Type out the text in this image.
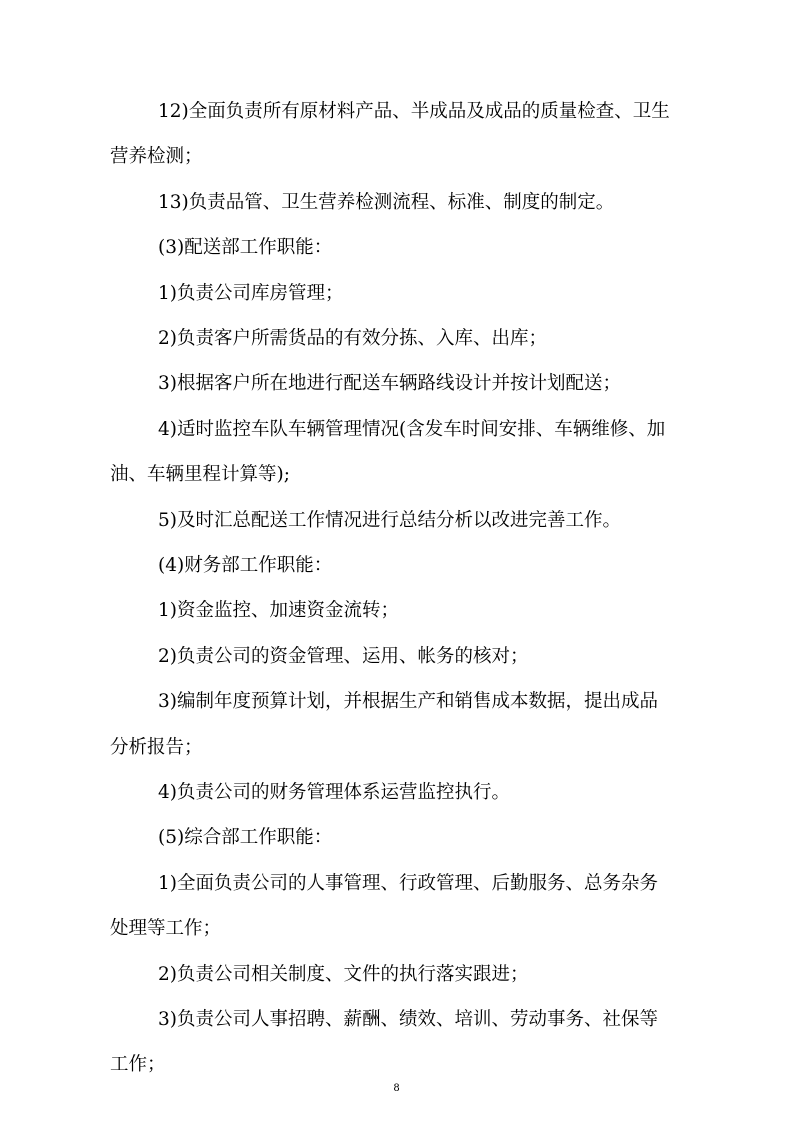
12)全面负责所有原材料产品、半成品及成品的质量检查、卫生

营养检测；

13)负责品管、卫生营养检测流程、标准、制度的制定。

(3)配送部工作职能：

1)负责公司库房管理；

2)负责客户所需货品的有效分拣、入库、出库；

3)根据客户所在地进行配送车辆路线设计并按计划配送；

4)适时监控车队车辆管理情况(含发车时间安排、车辆维修、加

油、车辆里程计算等);

5)及时汇总配送工作情况进行总结分析以改进完善工作。

(4)财务部工作职能：

1)资金监控、加速资金流转；

2)负责公司的资金管理、运用、帐务的核对；

3)编制年度预算计划，并根据生产和销售成本数据，提出成品

分析报告；

4)负责公司的财务管理体系运营监控执行。

(5)综合部工作职能：

1)全面负责公司的人事管理、行政管理、后勤服务、总务杂务

处理等工作；

2)负责公司相关制度、文件的执行落实跟进；

3)负责公司人事招聘、薪酬、绩效、培训、劳动事务、社保等

工作；

8
